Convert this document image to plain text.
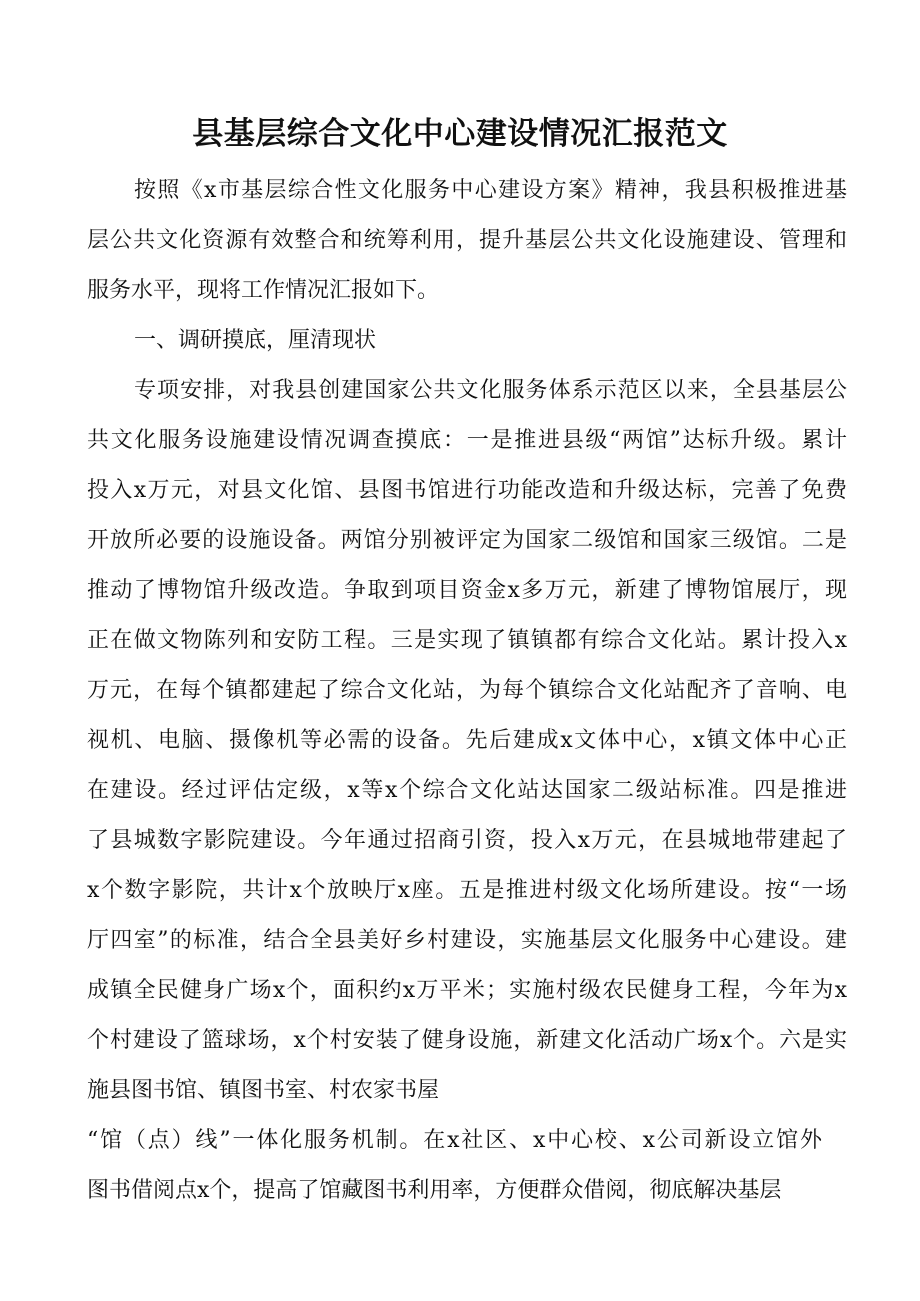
县基层综合文化中心建设情况汇报范文
按照《x市基层综合性文化服务中心建设方案》精神，我县积极推进基
层公共文化资源有效整合和统筹利用，提升基层公共文化设施建设、管理和
服务水平，现将工作情况汇报如下。
一、调研摸底，厘清现状
专项安排，对我县创建国家公共文化服务体系示范区以来，全县基层公
共文化服务设施建设情况调查摸底：一是推进县级“两馆”达标升级。累计
投入x万元，对县文化馆、县图书馆进行功能改造和升级达标，完善了免费
开放所必要的设施设备。两馆分别被评定为国家二级馆和国家三级馆。二是
推动了博物馆升级改造。争取到项目资金x多万元，新建了博物馆展厅，现
正在做文物陈列和安防工程。三是实现了镇镇都有综合文化站。累计投入x
万元，在每个镇都建起了综合文化站，为每个镇综合文化站配齐了音响、电
视机、电脑、摄像机等必需的设备。先后建成x文体中心，x镇文体中心正
在建设。经过评估定级，x等x个综合文化站达国家二级站标准。四是推进
了县城数字影院建设。今年通过招商引资，投入x万元，在县城地带建起了
x个数字影院，共计x个放映厅x座。五是推进村级文化场所建设。按“一场
厅四室”的标准，结合全县美好乡村建设，实施基层文化服务中心建设。建
成镇全民健身广场x个，面积约x万平米；实施村级农民健身工程，今年为x
个村建设了篮球场，x个村安装了健身设施，新建文化活动广场x个。六是实
施县图书馆、镇图书室、村农家书屋
“馆（点）线”一体化服务机制。在x社区、x中心校、x公司新设立馆外
图书借阅点x个，提高了馆藏图书利用率，方便群众借阅，彻底解决基层
